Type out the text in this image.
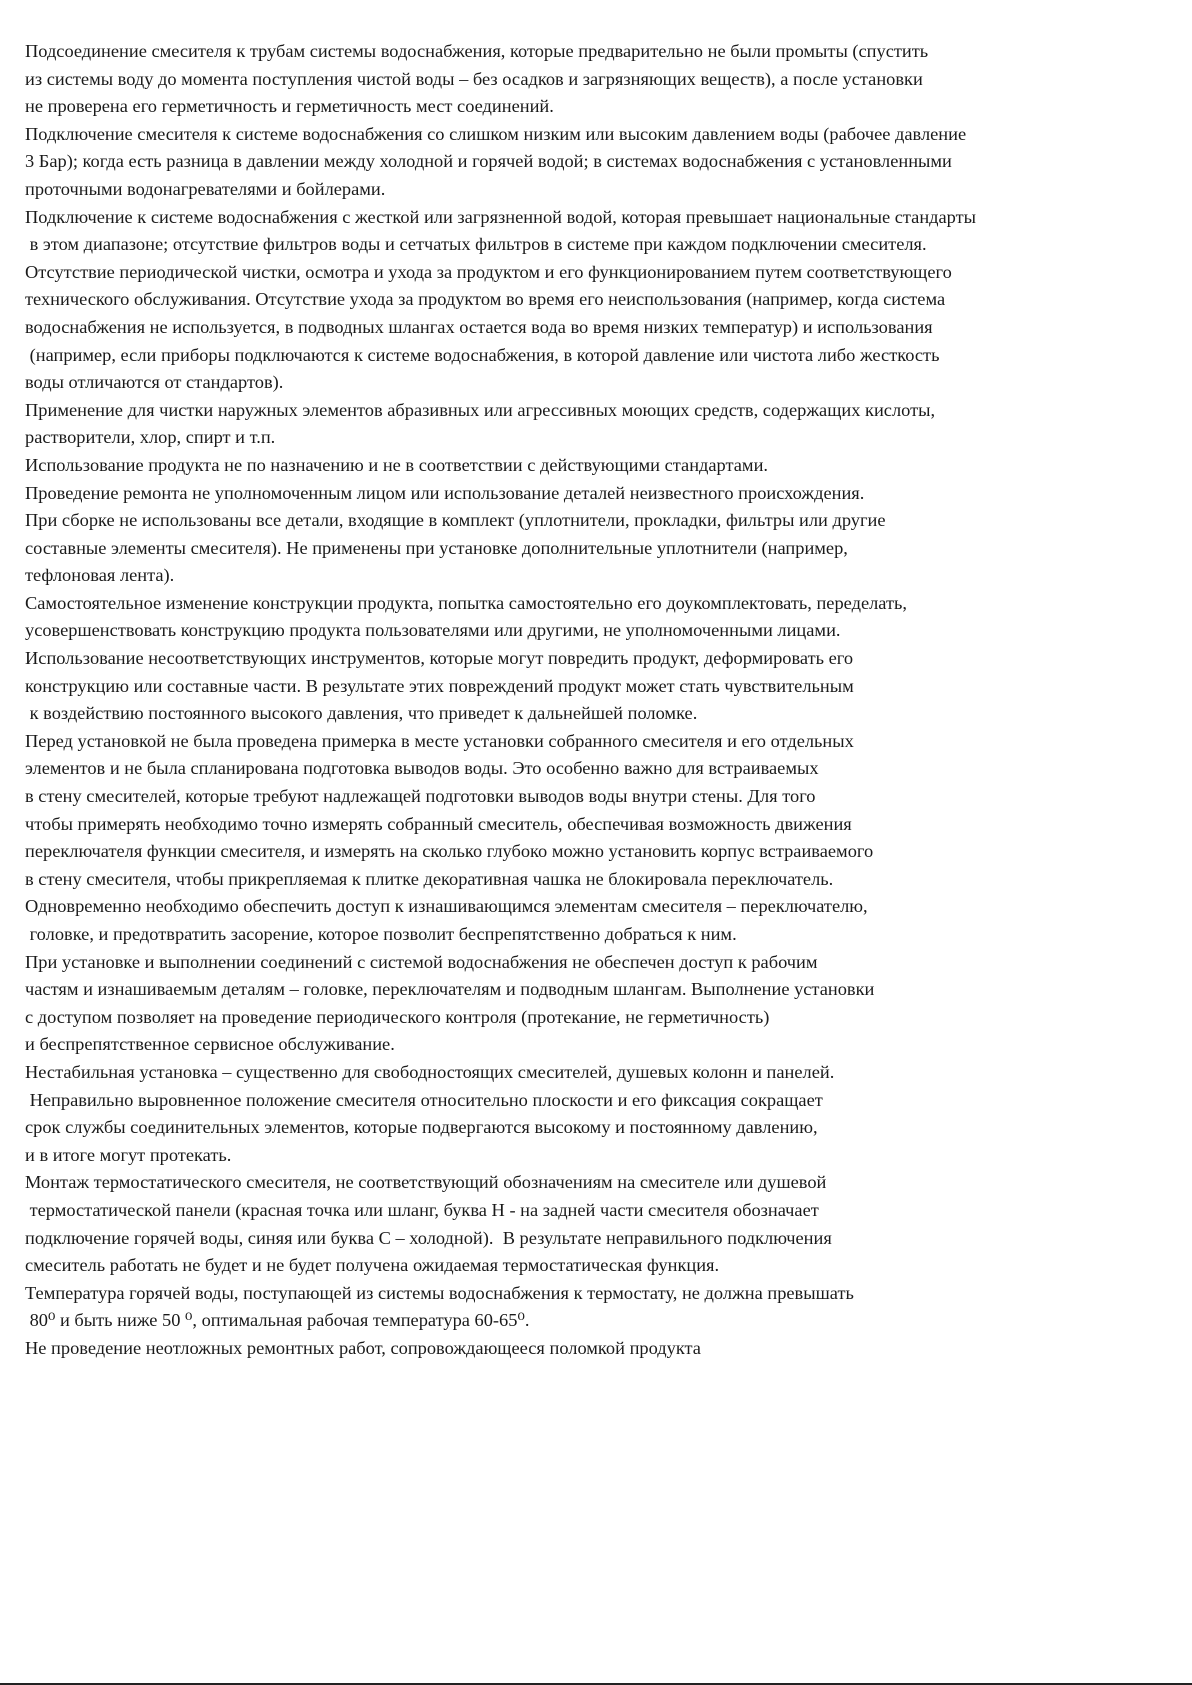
Подсоединение смесителя к трубам системы водоснабжения, которые предварительно не были промыты (спустить
из системы воду до момента поступления чистой воды – без осадков и загрязняющих веществ), а после установки
не проверена его герметичность и герметичность мест соединений.
Подключение смесителя к системе водоснабжения со слишком низким или высоким давлением воды (рабочее давление
3 Бар); когда есть разница в давлении между холодной и горячей водой; в системах водоснабжения с установленными
проточными водонагревателями и бойлерами.
Подключение к системе водоснабжения с жесткой или загрязненной водой, которая превышает национальные стандарты
в этом диапазоне; отсутствие фильтров воды и сетчатых фильтров в системе при каждом подключении смесителя.
Отсутствие периодической чистки, осмотра и ухода за продуктом и его функционированием путем соответствующего
технического обслуживания. Отсутствие ухода за продуктом во время его неиспользования (например, когда система
водоснабжения не используется, в подводных шлангах остается вода во время низких температур) и использования
(например, если приборы подключаются к системе водоснабжения, в которой давление или чистота либо жесткость
воды отличаются от стандартов).
Применение для чистки наружных элементов абразивных или агрессивных моющих средств, содержащих кислоты,
растворители, хлор, спирт и т.п.
Использование продукта не по назначению и не в соответствии с действующими стандартами.
Проведение ремонта не уполномоченным лицом или использование деталей неизвестного происхождения.
При сборке не использованы все детали, входящие в комплект (уплотнители, прокладки, фильтры или другие
составные элементы смесителя). Не применены при установке дополнительные уплотнители (например,
тефлоновая лента).
Самостоятельное изменение конструкции продукта, попытка самостоятельно его доукомплектовать, переделать,
усовершенствовать конструкцию продукта пользователями или другими, не уполномоченными лицами.
Использование несоответствующих инструментов, которые могут повредить продукт, деформировать его
конструкцию или составные части. В результате этих повреждений продукт может стать чувствительным
к воздействию постоянного высокого давления, что приведет к дальнейшей поломке.
Перед установкой не была проведена примерка в месте установки собранного смесителя и его отдельных
элементов и не была спланирована подготовка выводов воды. Это особенно важно для встраиваемых
в стену смесителей, которые требуют надлежащей подготовки выводов воды внутри стены. Для того
чтобы примерять необходимо точно измерять собранный смеситель, обеспечивая возможность движения
переключателя функции смесителя, и измерять на сколько глубоко можно установить корпус встраиваемого
в стену смесителя, чтобы прикрепляемая к плитке декоративная чашка не блокировала переключатель.
Одновременно необходимо обеспечить доступ к изнашивающимся элементам смесителя – переключателю,
головке, и предотвратить засорение, которое позволит беспрепятственно добраться к ним.
При установке и выполнении соединений с системой водоснабжения не обеспечен доступ к рабочим
частям и изнашиваемым деталям – головке, переключателям и подводным шлангам. Выполнение установки
с доступом позволяет на проведение периодического контроля (протекание, не герметичность)
и беспрепятственное сервисное обслуживание.
Нестабильная установка – существенно для свободностоящих смесителей, душевых колонн и панелей.
Неправильно выровненное положение смесителя относительно плоскости и его фиксация сокращает
срок службы соединительных элементов, которые подвергаются высокому и постоянному давлению,
и в итоге могут протекать.
Монтаж термостатического смесителя, не соответствующий обозначениям на смесителе или душевой
термостатической панели (красная точка или шланг, буква Н - на задней части смесителя обозначает
подключение горячей воды, синяя или буква С – холодной).  В результате неправильного подключения
смеситель работать не будет и не будет получена ожидаемая термостатическая функция.
Температура горячей воды, поступающей из системы водоснабжения к термостату, не должна превышать
80⁰ и быть ниже 50 ⁰, оптимальная рабочая температура 60-65⁰.
Не проведение неотложных ремонтных работ, сопровождающееся поломкой продукта
